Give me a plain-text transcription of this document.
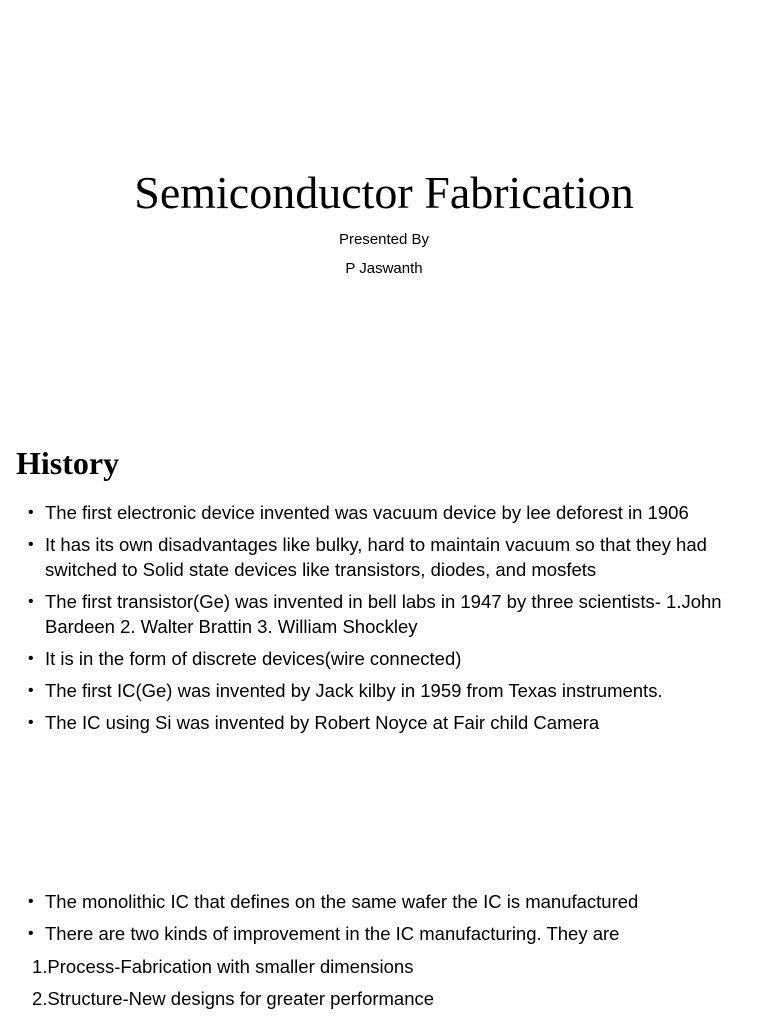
Semiconductor Fabrication
Presented By
P Jaswanth
History
• The first electronic device invented was vacuum device by lee deforest in 1906
• It has its own disadvantages like bulky, hard to maintain vacuum so that they had switched to Solid state devices like transistors, diodes, and mosfets
• The first transistor(Ge) was invented in bell labs in 1947 by three scientists- 1.John Bardeen 2. Walter Brattin 3. William Shockley
• It is in the form of discrete devices(wire connected)
• The first IC(Ge) was invented by Jack kilby in 1959 from Texas instruments.
• The IC using Si was invented by Robert Noyce at Fair child Camera
• The monolithic IC that defines on the same wafer the IC is manufactured
• There are two kinds of improvement in the IC manufacturing. They are
1.Process-Fabrication with smaller dimensions
2.Structure-New designs for greater performance
